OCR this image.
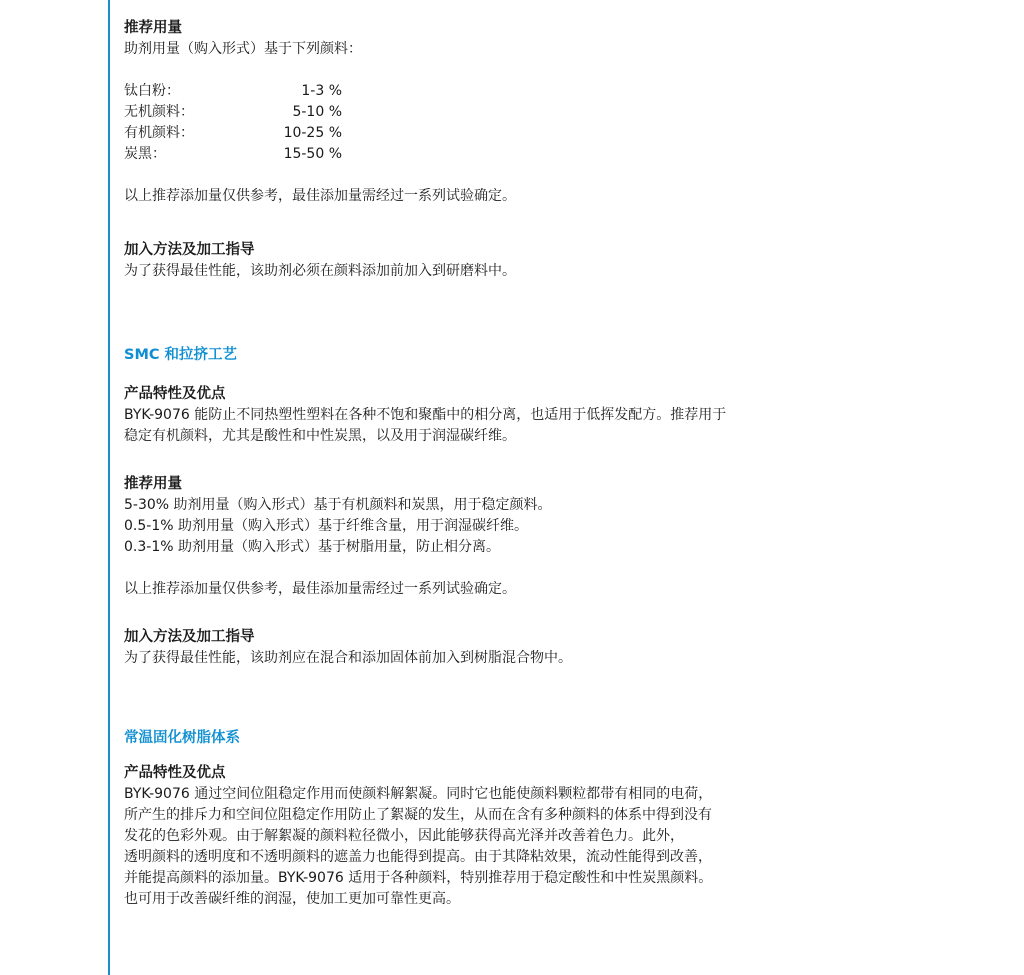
推荐用量
助剂用量（购入形式）基于下列颜料：
钛白粉：	1-3 %
无机颜料：	5-10 %
有机颜料：	10-25 %
炭黑：	15-50 %
以上推荐添加量仅供参考，最佳添加量需经过一系列试验确定。
加入方法及加工指导
为了获得最佳性能，该助剂必须在颜料添加前加入到研磨料中。
SMC 和拉挤工艺
产品特性及优点
BYK-9076 能防止不同热塑性塑料在各种不饱和聚酯中的相分离，也适用于低挥发配方。推荐用于
稳定有机颜料，尤其是酸性和中性炭黑，以及用于润湿碳纤维。
推荐用量
5-30% 助剂用量（购入形式）基于有机颜料和炭黑，用于稳定颜料。
0.5-1% 助剂用量（购入形式）基于纤维含量，用于润湿碳纤维。
0.3-1% 助剂用量（购入形式）基于树脂用量，防止相分离。
以上推荐添加量仅供参考，最佳添加量需经过一系列试验确定。
加入方法及加工指导
为了获得最佳性能，该助剂应在混合和添加固体前加入到树脂混合物中。
常温固化树脂体系
产品特性及优点
BYK-9076 通过空间位阻稳定作用而使颜料解絮凝。同时它也能使颜料颗粒都带有相同的电荷，
所产生的排斥力和空间位阻稳定作用防止了絮凝的发生，从而在含有多种颜料的体系中得到没有
发花的色彩外观。由于解絮凝的颜料粒径微小，因此能够获得高光泽并改善着色力。此外，
透明颜料的透明度和不透明颜料的遮盖力也能得到提高。由于其降粘效果，流动性能得到改善，
并能提高颜料的添加量。BYK-9076 适用于各种颜料，特别推荐用于稳定酸性和中性炭黑颜料。
也可用于改善碳纤维的润湿，使加工更加可靠性更高。
